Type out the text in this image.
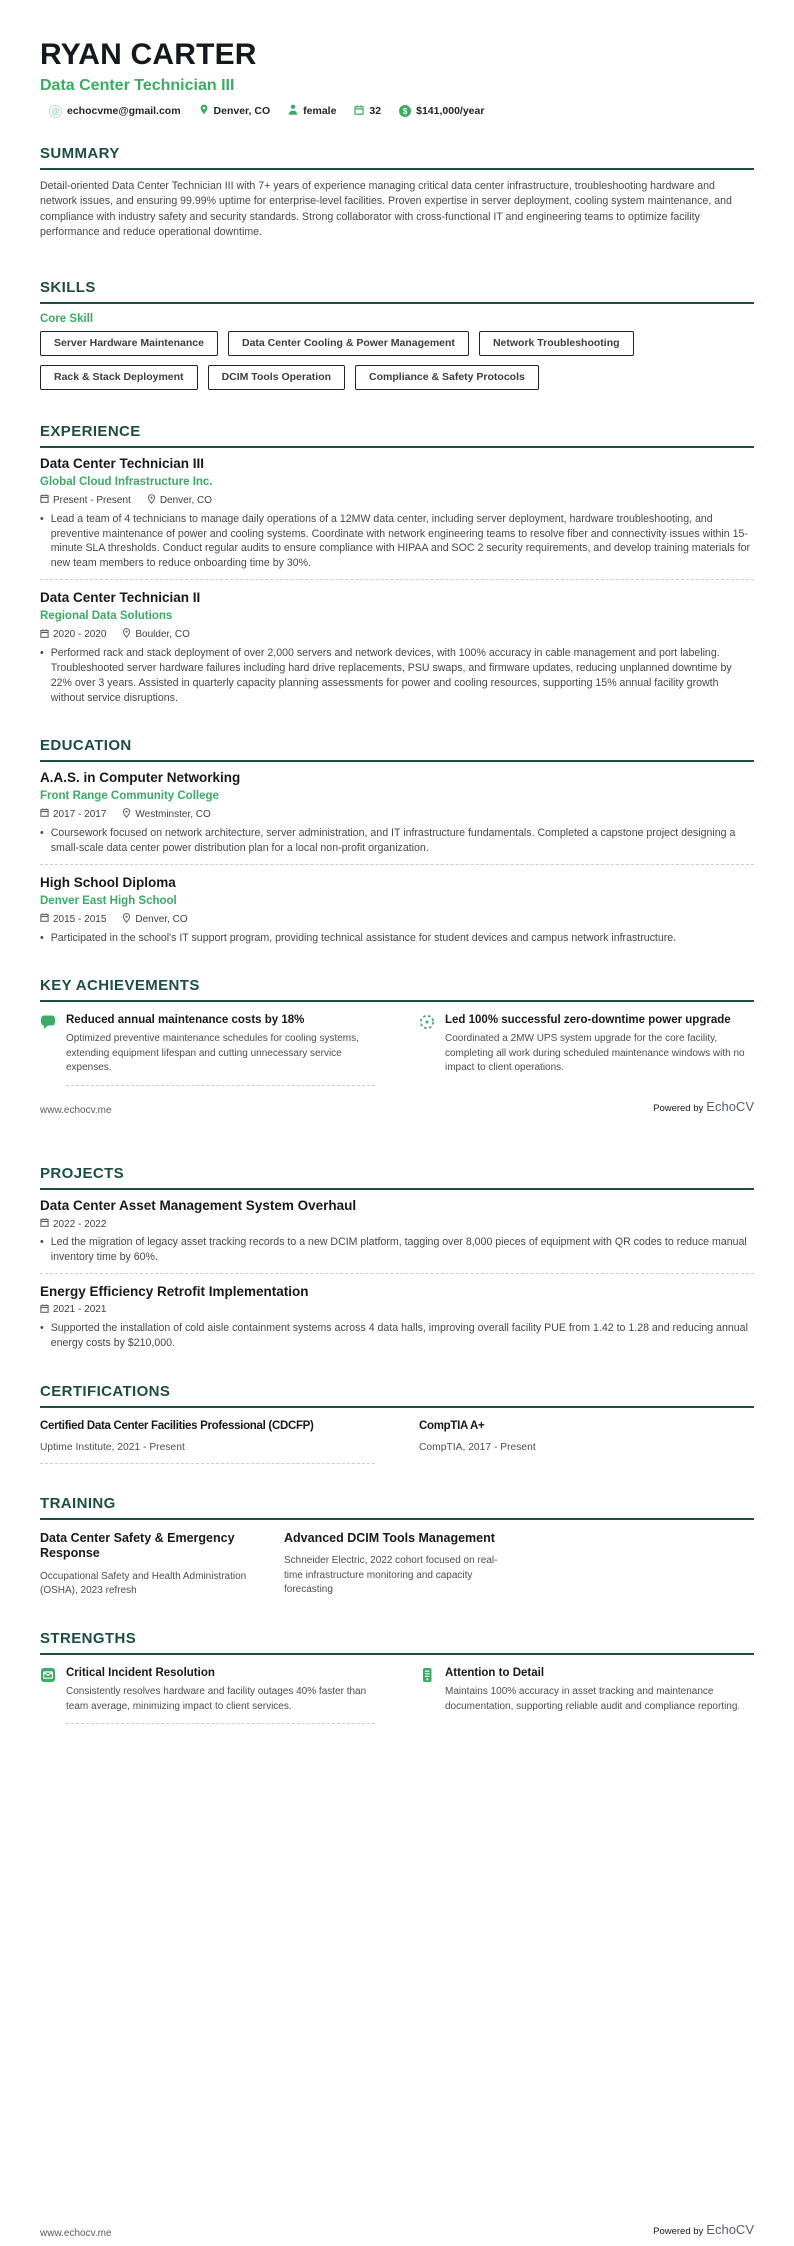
RYAN CARTER
Data Center Technician III
@ echocvme@gmail.com	Denver, CO	female	32	$ $141,000/year
SUMMARY

Detail-oriented Data Center Technician III with 7+ years of experience managing critical data center infrastructure, troubleshooting hardware and network issues, and ensuring 99.99% uptime for enterprise-level facilities. Proven expertise in server deployment, cooling system maintenance, and compliance with industry safety and security standards. Strong collaborator with cross-functional IT and engineering teams to optimize facility performance and reduce operational downtime.

SKILLS
Core Skill
Server Hardware Maintenance	Data Center Cooling & Power Management	Network Troubleshooting
Rack & Stack Deployment	DCIM Tools Operation	Compliance & Safety Protocols
EXPERIENCE
Data Center Technician III
Global Cloud Infrastructure Inc.
Present - Present	Denver, CO
• Lead a team of 4 technicians to manage daily operations of a 12MW data center, including server deployment, hardware troubleshooting, and preventive maintenance of power and cooling systems. Coordinate with network engineering teams to resolve fiber and connectivity issues within 15-minute SLA thresholds. Conduct regular audits to ensure compliance with HIPAA and SOC 2 security requirements, and develop training materials for new team members to reduce onboarding time by 30%.
Data Center Technician II
Regional Data Solutions
2020 - 2020	Boulder, CO
• Performed rack and stack deployment of over 2,000 servers and network devices, with 100% accuracy in cable management and port labeling. Troubleshooted server hardware failures including hard drive replacements, PSU swaps, and firmware updates, reducing unplanned downtime by 22% over 3 years. Assisted in quarterly capacity planning assessments for power and cooling resources, supporting 15% annual facility growth without service disruptions.
EDUCATION
A.A.S. in Computer Networking
Front Range Community College
2017 - 2017	Westminster, CO
• Coursework focused on network architecture, server administration, and IT infrastructure fundamentals. Completed a capstone project designing a small-scale data center power distribution plan for a local non-profit organization.
High School Diploma
Denver East High School
2015 - 2015	Denver, CO
• Participated in the school's IT support program, providing technical assistance for student devices and campus network infrastructure.
KEY ACHIEVEMENTS
Reduced annual maintenance costs by 18%
Optimized preventive maintenance schedules for cooling systems, extending equipment lifespan and cutting unnecessary service expenses.
Led 100% successful zero-downtime power upgrade
Coordinated a 2MW UPS system upgrade for the core facility, completing all work during scheduled maintenance windows with no impact to client operations.
www.echocv.me	Powered by EchoCV
PROJECTS
Data Center Asset Management System Overhaul
2022 - 2022
• Led the migration of legacy asset tracking records to a new DCIM platform, tagging over 8,000 pieces of equipment with QR codes to reduce manual inventory time by 60%.
Energy Efficiency Retrofit Implementation
2021 - 2021
• Supported the installation of cold aisle containment systems across 4 data halls, improving overall facility PUE from 1.42 to 1.28 and reducing annual energy costs by $210,000.
CERTIFICATIONS
Certified Data Center Facilities Professional (CDCFP)
Uptime Institute, 2021 - Present
CompTIA A+
CompTIA, 2017 - Present
TRAINING
Data Center Safety & Emergency Response
Occupational Safety and Health Administration (OSHA), 2023 refresh
Advanced DCIM Tools Management
Schneider Electric, 2022 cohort focused on real-time infrastructure monitoring and capacity forecasting
STRENGTHS
Critical Incident Resolution
Consistently resolves hardware and facility outages 40% faster than team average, minimizing impact to client services.
Attention to Detail
Maintains 100% accuracy in asset tracking and maintenance documentation, supporting reliable audit and compliance reporting.
www.echocv.me	Powered by EchoCV
